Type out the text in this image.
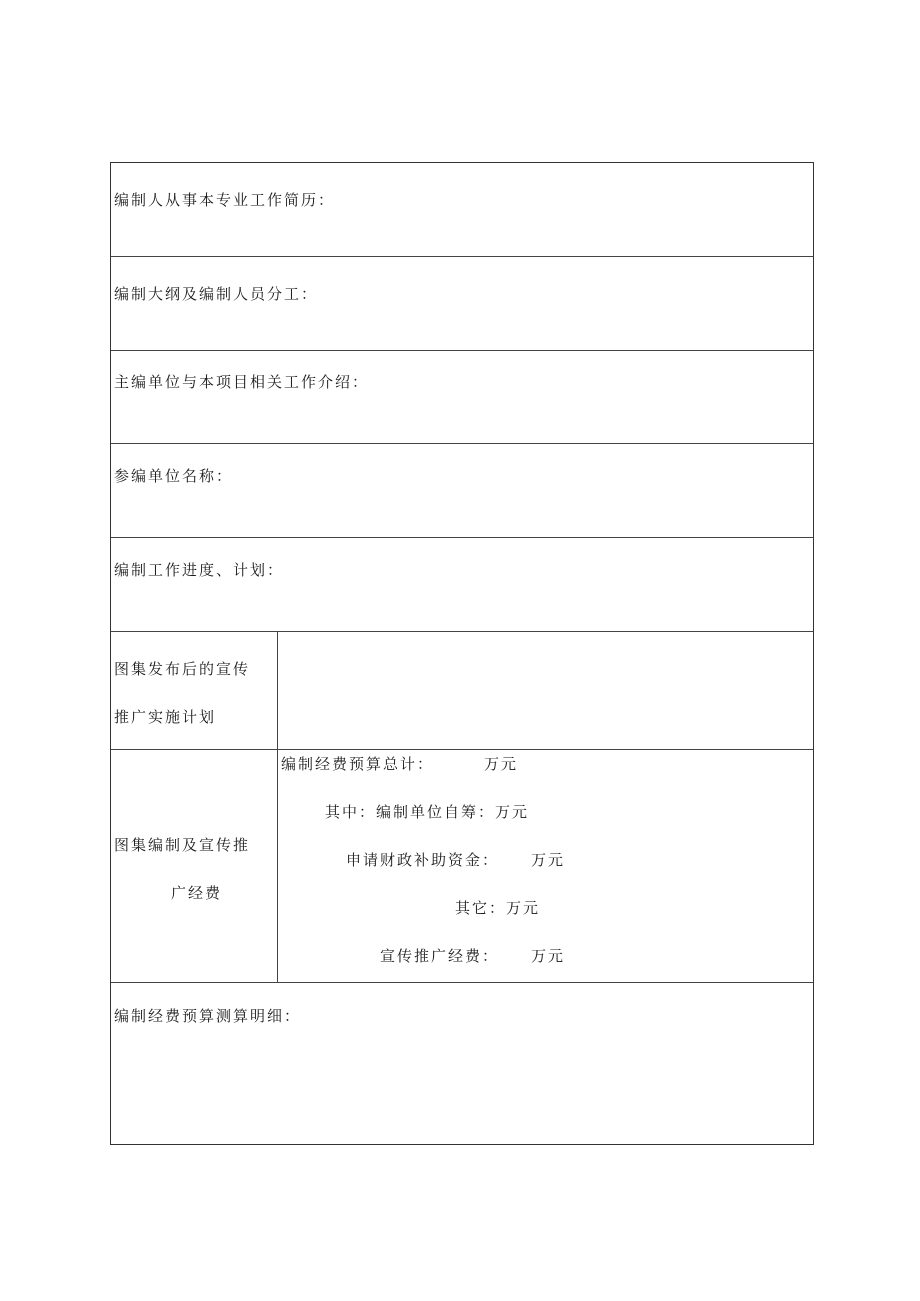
编制人从事本专业工作简历：
编制大纲及编制人员分工：
主编单位与本项目相关工作介绍：
参编单位名称：
编制工作进度、计划：
图集发布后的宣传
推广实施计划
图集编制及宣传推
广经费
编制经费预算总计：	万元
其中：编制单位自筹：万元
申请财政补助资金： 万元
其它：万元
宣传推广经费： 万元
编制经费预算测算明细：
